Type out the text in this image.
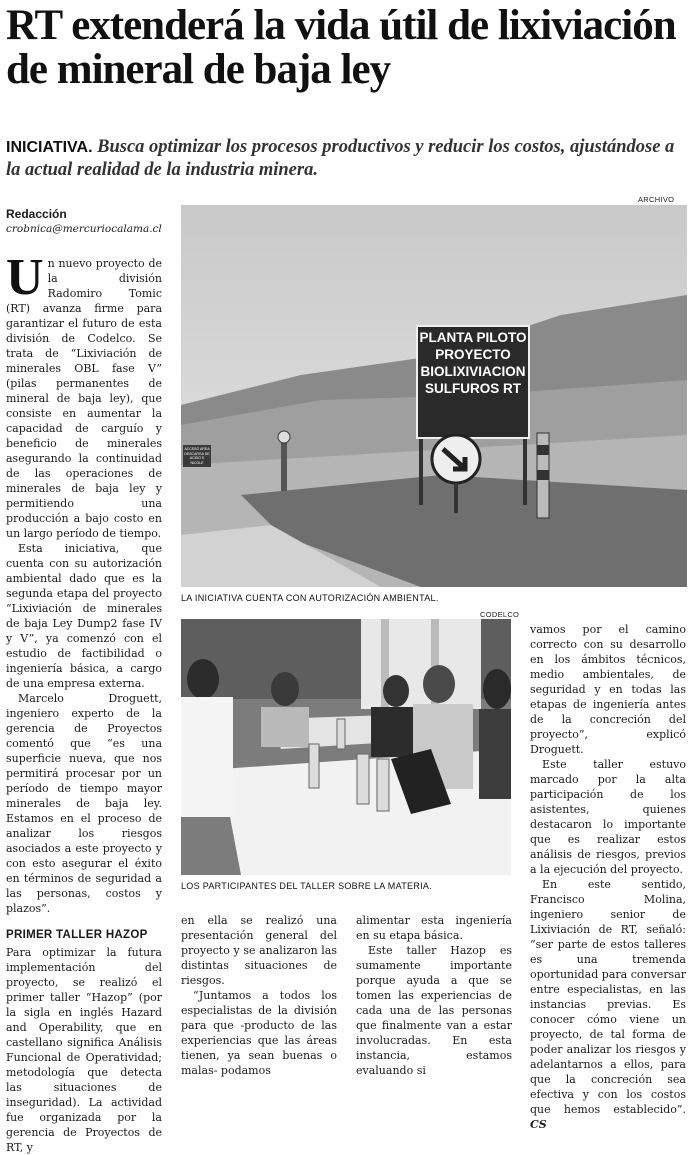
RT extenderá la vida útil de lixiviación de mineral de baja ley

INICIATIVA. Busca optimizar los procesos productivos y reducir los costos, ajustándose a la actual realidad de la industria minera.

Redacción
crobnica@mercuriocalama.cl
ARCHIVO
PLANTA PILOTO PROYECTO BIOLIXIVIACION SULFUROS RT
ACCESO AREA DESCARGA DE ACIDO E NICOLE
LA INICIATIVA CUENTA CON AUTORIZACIÓN AMBIENTAL.
CODELCO
LOS PARTICIPANTES DEL TALLER SOBRE LA MATERIA.

Un nuevo proyecto de la división Radomiro Tomic (RT) avanza firme para garantizar el futuro de esta división de Codelco. Se trata de “Lixiviación de minerales OBL fase V” (pilas permanentes de mineral de baja ley), que consiste en aumentar la capacidad de carguío y beneficio de minerales asegurando la continuidad de las operaciones de minerales de baja ley y permitiendo una producción a bajo costo en un largo período de tiempo.

Esta iniciativa, que cuenta con su autorización ambiental dado que es la segunda etapa del proyecto “Lixiviación de minerales de baja Ley Dump2 fase IV y V”, ya comenzó con el estudio de factibilidad o ingeniería básica, a cargo de una empresa externa.

Marcelo Droguett, ingeniero experto de la gerencia de Proyectos comentó que “es una superficie nueva, que nos permitirá procesar por un período de tiempo mayor minerales de baja ley. Estamos en el proceso de analizar los riesgos asociados a este proyecto y con esto asegurar el éxito en términos de seguridad a las personas, costos y plazos”.

PRIMER TALLER HAZOP

Para optimizar la futura implementación del proyecto, se realizó el primer taller “Hazop” (por la sigla en inglés Hazard and Operability, que en castellano significa Análisis Funcional de Operatividad; metodología que detecta las situaciones de inseguridad). La actividad fue organizada por la gerencia de Proyectos de RT, y

en ella se realizó una presentación general del proyecto y se analizaron las distintas situaciones de riesgos.

“Juntamos a todos los especialistas de la división para que -producto de las experiencias que las áreas tienen, ya sean buenas o malas- podamos

alimentar esta ingeniería en su etapa básica.

Este taller Hazop es sumamente importante porque ayuda a que se tomen las experiencias de cada una de las personas que finalmente van a estar involucradas. En esta instancia, estamos evaluando si

vamos por el camino correcto con su desarrollo en los ámbitos técnicos, medio ambientales, de seguridad y en todas las etapas de ingeniería antes de la concreción del proyecto”, explicó Droguett.

Este taller estuvo marcado por la alta participación de los asistentes, quienes destacaron lo importante que es realizar estos análisis de riesgos, previos a la ejecución del proyecto.

En este sentido, Francisco Molina, ingeniero senior de Lixiviación de RT, señaló: “ser parte de estos talleres es una tremenda oportunidad para conversar entre especialistas, en las instancias previas. Es conocer cómo viene un proyecto, de tal forma de poder analizar los riesgos y adelantarnos a ellos, para que la concreción sea efectiva y con los costos que hemos establecido”. CS
